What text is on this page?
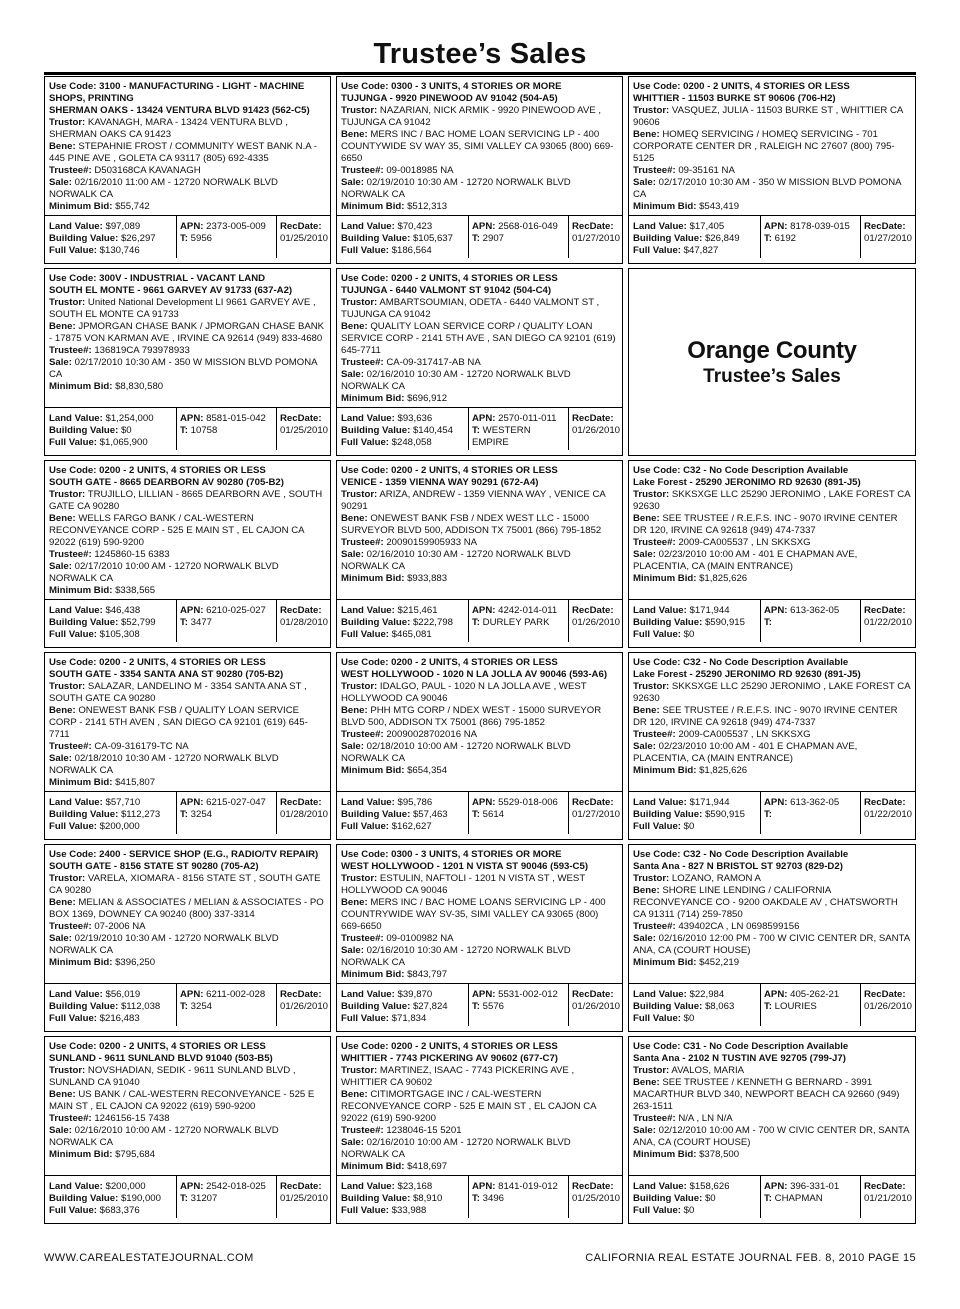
Trustee’s Sales
Use Code: 3100 - MANUFACTURING - LIGHT - MACHINE SHOPS, PRINTING
SHERMAN OAKS - 13424 VENTURA BLVD 91423 (562-C5)
Trustor: KAVANAGH, MARA - 13424 VENTURA BLVD , SHERMAN OAKS CA 91423
Bene: STEPAHNIE FROST / COMMUNITY WEST BANK N.A - 445 PINE AVE , GOLETA CA 93117 (805) 692-4335
Trustee#: D503168CA KAVANAGH
Sale: 02/16/2010 11:00 AM - 12720 NORWALK BLVD NORWALK CA
Minimum Bid: $55,742
Land Value: $97,089
Building Value: $26,297
Full Value: $130,746
APN: 2373-005-009
T: 5956
RecDate:
01/25/2010
Use Code: 0300 - 3 UNITS, 4 STORIES OR MORE
TUJUNGA - 9920 PINEWOOD AV 91042 (504-A5)
Trustor: NAZARIAN, NICK ARMIK - 9920 PINEWOOD AVE , TUJUNGA CA 91042
Bene: MERS INC / BAC HOME LOAN SERVICING LP - 400 COUNTYWIDE SV WAY 35, SIMI VALLEY CA 93065 (800) 669-6650
Trustee#: 09-0018985 NA
Sale: 02/19/2010 10:30 AM - 12720 NORWALK BLVD NORWALK CA
Minimum Bid: $512,313
Land Value: $70,423
Building Value: $105,637
Full Value: $186,564
APN: 2568-016-049
T: 2907
RecDate:
01/27/2010
Use Code: 0200 - 2 UNITS, 4 STORIES OR LESS
WHITTIER - 11503 BURKE ST 90606 (706-H2)
Trustor: VASQUEZ, JULIA - 11503 BURKE ST , WHITTIER CA 90606
Bene: HOMEQ SERVICING / HOMEQ SERVICING - 701 CORPORATE CENTER DR , RALEIGH NC 27607 (800) 795-5125
Trustee#: 09-35161 NA
Sale: 02/17/2010 10:30 AM - 350 W MISSION BLVD POMONA CA
Minimum Bid: $543,419
Land Value: $17,405
Building Value: $26,849
Full Value: $47,827
APN: 8178-039-015
T: 6192
RecDate:
01/27/2010
Use Code: 300V - INDUSTRIAL - VACANT LAND
SOUTH EL MONTE - 9661 GARVEY AV 91733 (637-A2)
Trustor: United National Development LI 9661 GARVEY AVE , SOUTH EL MONTE CA 91733
Bene: JPMORGAN CHASE BANK / JPMORGAN CHASE BANK - 17875 VON KARMAN AVE , IRVINE CA 92614 (949) 833-4680
Trustee#: 136819CA 793978933
Sale: 02/17/2010 10:30 AM - 350 W MISSION BLVD POMONA CA
Minimum Bid: $8,830,580
Land Value: $1,254,000
Building Value: $0
Full Value: $1,065,900
APN: 8581-015-042
T: 10758
RecDate:
01/25/2010
Use Code: 0200 - 2 UNITS, 4 STORIES OR LESS
TUJUNGA - 6440 VALMONT ST 91042 (504-C4)
Trustor: AMBARTSOUMIAN, ODETA - 6440 VALMONT ST , TUJUNGA CA 91042
Bene: QUALITY LOAN SERVICE CORP / QUALITY LOAN SERVICE CORP - 2141 5TH AVE , SAN DIEGO CA 92101 (619) 645-7711
Trustee#: CA-09-317417-AB NA
Sale: 02/16/2010 10:30 AM - 12720 NORWALK BLVD NORWALK CA
Minimum Bid: $696,912
Land Value: $93,636
Building Value: $140,454
Full Value: $248,058
APN: 2570-011-011
T: WESTERN EMPIRE
RecDate:
01/26/2010
Orange County
Trustee’s Sales
Use Code: 0200 - 2 UNITS, 4 STORIES OR LESS
SOUTH GATE - 8665 DEARBORN AV 90280 (705-B2)
Trustor: TRUJILLO, LILLIAN - 8665 DEARBORN AVE , SOUTH GATE CA 90280
Bene: WELLS FARGO BANK / CAL-WESTERN RECONVEYANCE CORP - 525 E MAIN ST , EL CAJON CA 92022 (619) 590-9200
Trustee#: 1245860-15 6383
Sale: 02/17/2010 10:00 AM - 12720 NORWALK BLVD NORWALK CA
Minimum Bid: $338,565
Land Value: $46,438
Building Value: $52,799
Full Value: $105,308
APN: 6210-025-027
T: 3477
RecDate:
01/28/2010
Use Code: 0200 - 2 UNITS, 4 STORIES OR LESS
VENICE - 1359 VIENNA WAY 90291 (672-A4)
Trustor: ARIZA, ANDREW - 1359 VIENNA WAY , VENICE CA 90291
Bene: ONEWEST BANK FSB / NDEX WEST LLC - 15000 SURVEYOR BLVD 500, ADDISON TX 75001 (866) 795-1852
Trustee#: 20090159905933 NA
Sale: 02/16/2010 10:30 AM - 12720 NORWALK BLVD NORWALK CA
Minimum Bid: $933,883
Land Value: $215,461
Building Value: $222,798
Full Value: $465,081
APN: 4242-014-011
T: DURLEY PARK
RecDate:
01/26/2010
Use Code: C32 - No Code Description Available
Lake Forest - 25290 JERONIMO RD 92630 (891-J5)
Trustor: SKKSXGE LLC 25290 JERONIMO , LAKE FOREST CA 92630
Bene: SEE TRUSTEE / R.E.F.S. INC - 9070 IRVINE CENTER DR 120, IRVINE CA 92618 (949) 474-7337
Trustee#: 2009-CA005537 , LN SKKSXG
Sale: 02/23/2010 10:00 AM - 401 E CHAPMAN AVE, PLACENTIA, CA (MAIN ENTRANCE)
Minimum Bid: $1,825,626
Land Value: $171,944
Building Value: $590,915
Full Value: $0
APN: 613-362-05
T:
RecDate:
01/22/2010
Use Code: 0200 - 2 UNITS, 4 STORIES OR LESS
SOUTH GATE - 3354 SANTA ANA ST 90280 (705-B2)
Trustor: SALAZAR, LANDELINO M - 3354 SANTA ANA ST , SOUTH GATE CA 90280
Bene: ONEWEST BANK FSB / QUALITY LOAN SERVICE CORP - 2141 5TH AVEN , SAN DIEGO CA 92101 (619) 645-7711
Trustee#: CA-09-316179-TC NA
Sale: 02/18/2010 10:30 AM - 12720 NORWALK BLVD NORWALK CA
Minimum Bid: $415,807
Land Value: $57,710
Building Value: $112,273
Full Value: $200,000
APN: 6215-027-047
T: 3254
RecDate:
01/28/2010
Use Code: 0200 - 2 UNITS, 4 STORIES OR LESS
WEST HOLLYWOOD - 1020 N LA JOLLA AV 90046 (593-A6)
Trustor: IDALGO, PAUL - 1020 N LA JOLLA AVE , WEST HOLLYWOOD CA 90046
Bene: PHH MTG CORP / NDEX WEST - 15000 SURVEYOR BLVD 500, ADDISON TX 75001 (866) 795-1852
Trustee#: 20090028702016 NA
Sale: 02/18/2010 10:00 AM - 12720 NORWALK BLVD NORWALK CA
Minimum Bid: $654,354
Land Value: $95,786
Building Value: $57,463
Full Value: $162,627
APN: 5529-018-006
T: 5614
RecDate:
01/27/2010
Use Code: C32 - No Code Description Available
Lake Forest - 25290 JERONIMO RD 92630 (891-J5)
Trustor: SKKSXGE LLC 25290 JERONIMO , LAKE FOREST CA 92630
Bene: SEE TRUSTEE / R.E.F.S. INC - 9070 IRVINE CENTER DR 120, IRVINE CA 92618 (949) 474-7337
Trustee#: 2009-CA005537 , LN SKKSXG
Sale: 02/23/2010 10:00 AM - 401 E CHAPMAN AVE, PLACENTIA, CA (MAIN ENTRANCE)
Minimum Bid: $1,825,626
Land Value: $171,944
Building Value: $590,915
Full Value: $0
APN: 613-362-05
T:
RecDate:
01/22/2010
Use Code: 2400 - SERVICE SHOP (E.G., RADIO/TV REPAIR)
SOUTH GATE - 8156 STATE ST 90280 (705-A2)
Trustor: VARELA, XIOMARA - 8156 STATE ST , SOUTH GATE CA 90280
Bene: MELIAN & ASSOCIATES / MELIAN & ASSOCIATES - PO BOX 1369, DOWNEY CA 90240 (800) 337-3314
Trustee#: 07-2006 NA
Sale: 02/19/2010 10:30 AM - 12720 NORWALK BLVD NORWALK CA
Minimum Bid: $396,250
Land Value: $56,019
Building Value: $112,038
Full Value: $216,483
APN: 6211-002-028
T: 3254
RecDate:
01/26/2010
Use Code: 0300 - 3 UNITS, 4 STORIES OR MORE
WEST HOLLYWOOD - 1201 N VISTA ST 90046 (593-C5)
Trustor: ESTULIN, NAFTOLI - 1201 N VISTA ST , WEST HOLLYWOOD CA 90046
Bene: MERS INC / BAC HOME LOANS SERVICING LP - 400 COUNTRYWIDE WAY SV-35, SIMI VALLEY CA 93065 (800) 669-6650
Trustee#: 09-0100982 NA
Sale: 02/16/2010 10:30 AM - 12720 NORWALK BLVD NORWALK CA
Minimum Bid: $843,797
Land Value: $39,870
Building Value: $27,824
Full Value: $71,834
APN: 5531-002-012
T: 5576
RecDate:
01/26/2010
Use Code: C32 - No Code Description Available
Santa Ana - 827 N BRISTOL ST 92703 (829-D2)
Trustor: LOZANO, RAMON A
Bene: SHORE LINE LENDING / CALIFORNIA RECONVEYANCE CO - 9200 OAKDALE AV , CHATSWORTH CA 91311 (714) 259-7850
Trustee#: 439402CA , LN 0698599156
Sale: 02/16/2010 12:00 PM - 700 W CIVIC CENTER DR, SANTA ANA, CA (COURT HOUSE)
Minimum Bid: $452,219
Land Value: $22,984
Building Value: $8,063
Full Value: $0
APN: 405-262-21
T: LOURIES
RecDate:
01/26/2010
Use Code: 0200 - 2 UNITS, 4 STORIES OR LESS
SUNLAND - 9611 SUNLAND BLVD 91040 (503-B5)
Trustor: NOVSHADIAN, SEDIK - 9611 SUNLAND BLVD , SUNLAND CA 91040
Bene: US BANK / CAL-WESTERN RECONVEYANCE - 525 E MAIN ST , EL CAJON CA 92022 (619) 590-9200
Trustee#: 1246156-15 7438
Sale: 02/16/2010 10:00 AM - 12720 NORWALK BLVD NORWALK CA
Minimum Bid: $795,684
Land Value: $200,000
Building Value: $190,000
Full Value: $683,376
APN: 2542-018-025
T: 31207
RecDate:
01/25/2010
Use Code: 0200 - 2 UNITS, 4 STORIES OR LESS
WHITTIER - 7743 PICKERING AV 90602 (677-C7)
Trustor: MARTINEZ, ISAAC - 7743 PICKERING AVE , WHITTIER CA 90602
Bene: CITIMORTGAGE INC / CAL-WESTERN RECONVEYANCE CORP - 525 E MAIN ST , EL CAJON CA 92022 (619) 590-9200
Trustee#: 1238046-15 5201
Sale: 02/16/2010 10:00 AM - 12720 NORWALK BLVD NORWALK CA
Minimum Bid: $418,697
Land Value: $23,168
Building Value: $8,910
Full Value: $33,988
APN: 8141-019-012
T: 3496
RecDate:
01/25/2010
Use Code: C31 - No Code Description Available
Santa Ana - 2102 N TUSTIN AVE 92705 (799-J7)
Trustor: AVALOS, MARIA
Bene: SEE TRUSTEE / KENNETH G BERNARD - 3991 MACARTHUR BLVD 340, NEWPORT BEACH CA 92660 (949) 263-1511
Trustee#: N/A , LN N/A
Sale: 02/12/2010 10:00 AM - 700 W CIVIC CENTER DR, SANTA ANA, CA (COURT HOUSE)
Minimum Bid: $378,500
Land Value: $158,626
Building Value: $0
Full Value: $0
APN: 396-331-01
T: CHAPMAN
RecDate:
01/21/2010
WWW.CAREALESTATEJOURNAL.COM	CALIFORNIA REAL ESTATE JOURNAL FEB. 8, 2010 PAGE 15
